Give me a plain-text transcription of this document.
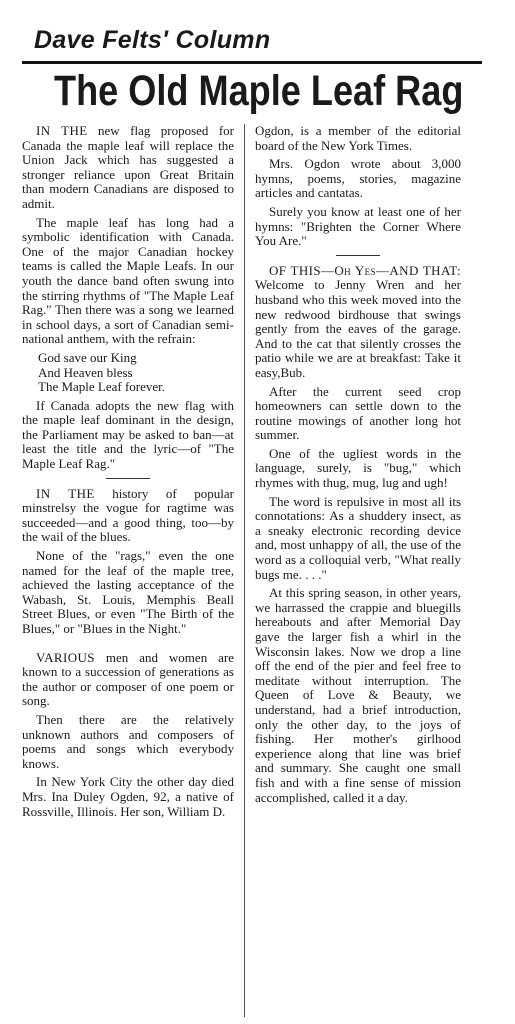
Dave Felts' Column
The Old Maple Leaf Rag

IN THE new flag proposed for Canada the maple leaf will replace the Union Jack which has suggested a stronger reliance upon Great Britain than modern Canadians are disposed to admit.

The maple leaf has long had a symbolic identification with Canada. One of the major Canadian hockey teams is called the Maple Leafs. In our youth the dance band often swung into the stirring rhythms of "The Maple Leaf Rag." Then there was a song we learned in school days, a sort of Canadian semi-national anthem, with the refrain:

God save our King
And Heaven bless
The Maple Leaf forever.

If Canada adopts the new flag with the maple leaf dominant in the design, the Parliament may be asked to ban—at least the title and the lyric—of "The Maple Leaf Rag."

IN THE history of popular minstrelsy the vogue for ragtime was succeeded—and a good thing, too—by the wail of the blues.

None of the "rags," even the one named for the leaf of the maple tree, achieved the lasting acceptance of the Wabash, St. Louis, Memphis Beall Street Blues, or even "The Birth of the Blues," or "Blues in the Night."

VARIOUS men and women are known to a succession of generations as the author or composer of one poem or song.

Then there are the relatively unknown authors and composers of poems and songs which everybody knows.

In New York City the other day died Mrs. Ina Duley Ogden, 92, a native of Rossville, Illinois. Her son, William D.

Ogdon, is a member of the editorial board of the New York Times.

Mrs. Ogdon wrote about 3,000 hymns, poems, stories, magazine articles and cantatas.

Surely you know at least one of her hymns: "Brighten the Corner Where You Are."

OF THIS—Oh Yes—AND THAT: Welcome to Jenny Wren and her husband who this week moved into the new redwood birdhouse that swings gently from the eaves of the garage. And to the cat that silently crosses the patio while we are at breakfast: Take it easy,Bub.

After the current seed crop homeowners can settle down to the routine mowings of another long hot summer.

One of the ugliest words in the language, surely, is "bug," which rhymes with thug, mug, lug and ugh!

The word is repulsive in most all its connotations: As a shuddery insect, as a sneaky electronic recording device and, most unhappy of all, the use of the word as a colloquial verb, "What really bugs me. . . ."

At this spring season, in other years, we harrassed the crappie and bluegills hereabouts and after Memorial Day gave the larger fish a whirl in the Wisconsin lakes. Now we drop a line off the end of the pier and feel free to meditate without interruption. The Queen of Love & Beauty, we understand, had a brief introduction, only the other day, to the joys of fishing. Her mother's girlhood experience along that line was brief and summary. She caught one small fish and with a fine sense of mission accomplished, called it a day.
